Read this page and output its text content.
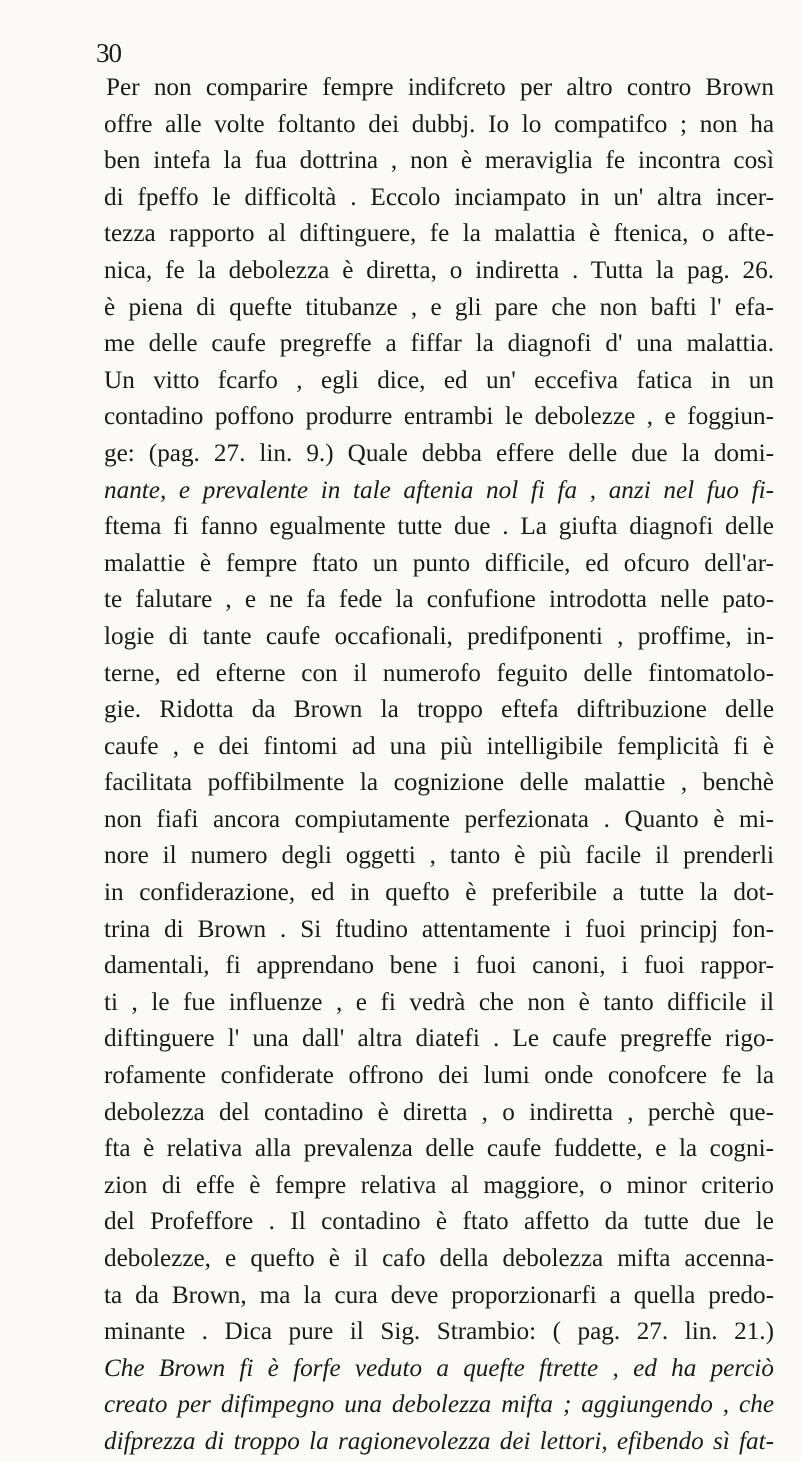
30
Per non comparire fempre indifcreto per altro contro Brown
offre alle volte foltanto dei dubbj. Io lo compatifco ; non ha
ben intefa la fua dottrina , non è meraviglia fe incontra così
di fpeffo le difficoltà . Eccolo inciampato in un' altra incer-
tezza rapporto al diftinguere, fe la malattia è ftenica, o afte-
nica, fe la debolezza è diretta, o indiretta . Tutta la pag. 26.
è piena di quefte titubanze , e gli pare che non bafti l' efa-
me delle caufe pregreffe a fiffar la diagnofi d' una malattia.
Un vitto fcarfo , egli dice, ed un' eccefiva fatica in un
contadino poffono produrre entrambi le debolezze , e foggiun-
ge: (pag. 27. lin. 9.) Quale debba effere delle due la domi-
nante, e prevalente in tale aftenia nol fi fa , anzi nel fuo fi-
ftema fi fanno egualmente tutte due . La giufta diagnofi delle
malattie è fempre ftato un punto difficile, ed ofcuro dell'ar-
te falutare , e ne fa fede la confufione introdotta nelle pato-
logie di tante caufe occafionali, predifponenti , proffime, in-
terne, ed efterne con il numerofo feguito delle fintomatolo-
gie. Ridotta da Brown la troppo eftefa diftribuzione delle
caufe , e dei fintomi ad una più intelligibile femplicità fi è
facilitata poffibilmente la cognizione delle malattie , benchè
non fiafi ancora compiutamente perfezionata . Quanto è mi-
nore il numero degli oggetti , tanto è più facile il prenderli
in confiderazione, ed in quefto è preferibile a tutte la dot-
trina di Brown . Si ftudino attentamente i fuoi principj fon-
damentali, fi apprendano bene i fuoi canoni, i fuoi rappor-
ti , le fue influenze , e fi vedrà che non è tanto difficile il
diftinguere l' una dall' altra diatefi . Le caufe pregreffe rigo-
rofamente confiderate offrono dei lumi onde conofcere fe la
debolezza del contadino è diretta , o indiretta , perchè que-
fta è relativa alla prevalenza delle caufe fuddette, e la cogni-
zion di effe è fempre relativa al maggiore, o minor criterio
del Profeffore . Il contadino è ftato affetto da tutte due le
debolezze, e quefto è il cafo della debolezza mifta accenna-
ta da Brown, ma la cura deve proporzionarfi a quella predo-
minante . Dica pure il Sig. Strambio: ( pag. 27. lin. 21.)
Che Brown fi è forfe veduto a quefte ftrette , ed ha perciò
creato per difimpegno una debolezza mifta ; aggiungendo , che
difprezza di troppo la ragionevolezza dei lettori, efibendo sì fat-
